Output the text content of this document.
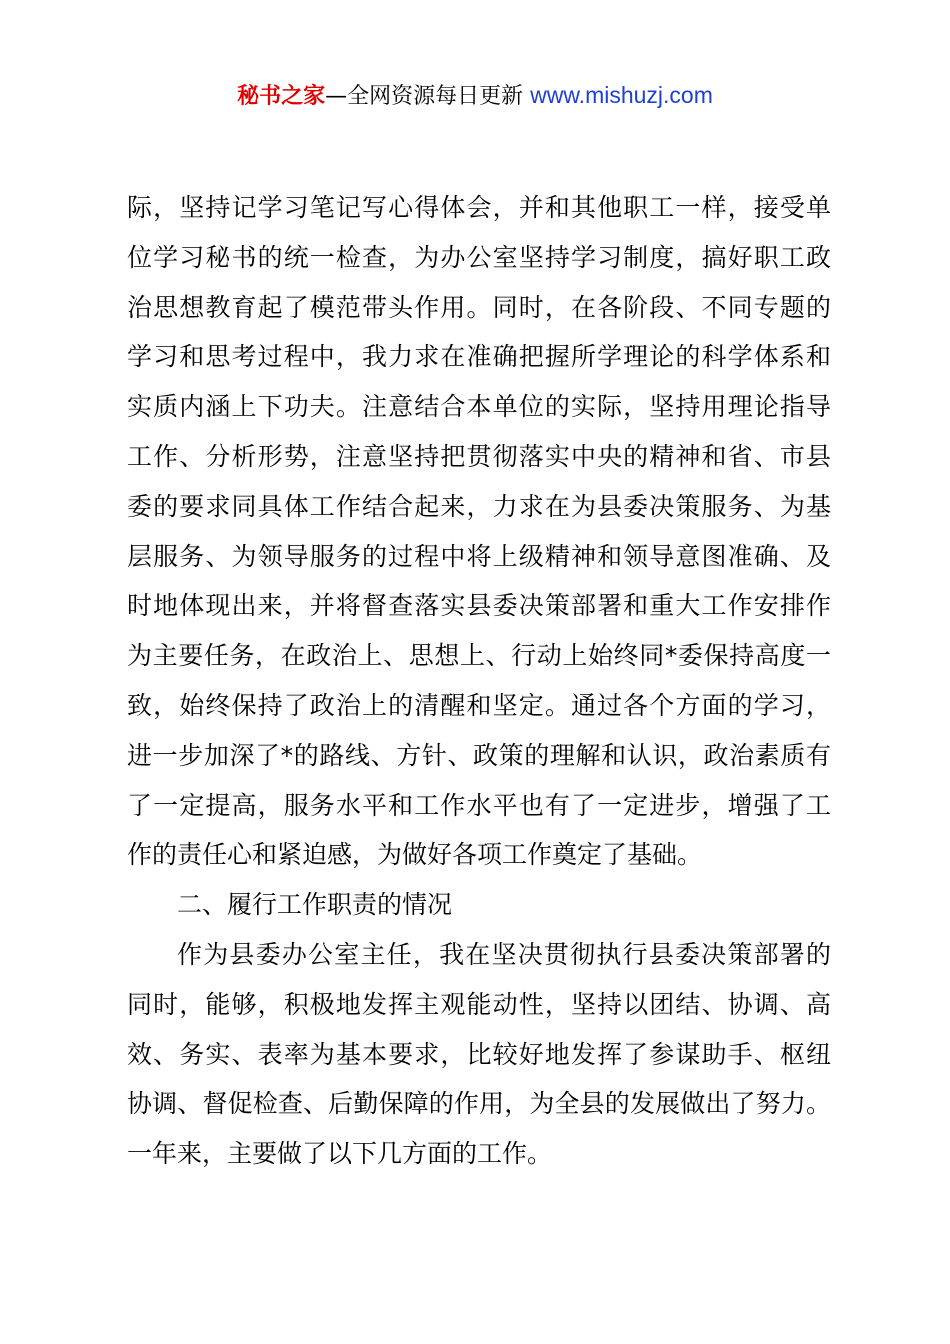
秘书之家—全网资源每日更新 www.mishuzj.com
际，坚持记学习笔记写心得体会，并和其他职工一样，接受单
位学习秘书的统一检查，为办公室坚持学习制度，搞好职工政
治思想教育起了模范带头作用。同时，在各阶段、不同专题的
学习和思考过程中，我力求在准确把握所学理论的科学体系和
实质内涵上下功夫。注意结合本单位的实际，坚持用理论指导
工作、分析形势，注意坚持把贯彻落实中央的精神和省、市县
委的要求同具体工作结合起来，力求在为县委决策服务、为基
层服务、为领导服务的过程中将上级精神和领导意图准确、及
时地体现出来，并将督查落实县委决策部署和重大工作安排作
为主要任务，在政治上、思想上、行动上始终同*委保持高度一
致，始终保持了政治上的清醒和坚定。通过各个方面的学习，
进一步加深了*的路线、方针、政策的理解和认识，政治素质有
了一定提高，服务水平和工作水平也有了一定进步，增强了工
作的责任心和紧迫感，为做好各项工作奠定了基础。
二、履行工作职责的情况
作为县委办公室主任，我在坚决贯彻执行县委决策部署的
同时，能够，积极地发挥主观能动性，坚持以团结、协调、高
效、务实、表率为基本要求，比较好地发挥了参谋助手、枢纽
协调、督促检查、后勤保障的作用，为全县的发展做出了努力。
一年来，主要做了以下几方面的工作。
